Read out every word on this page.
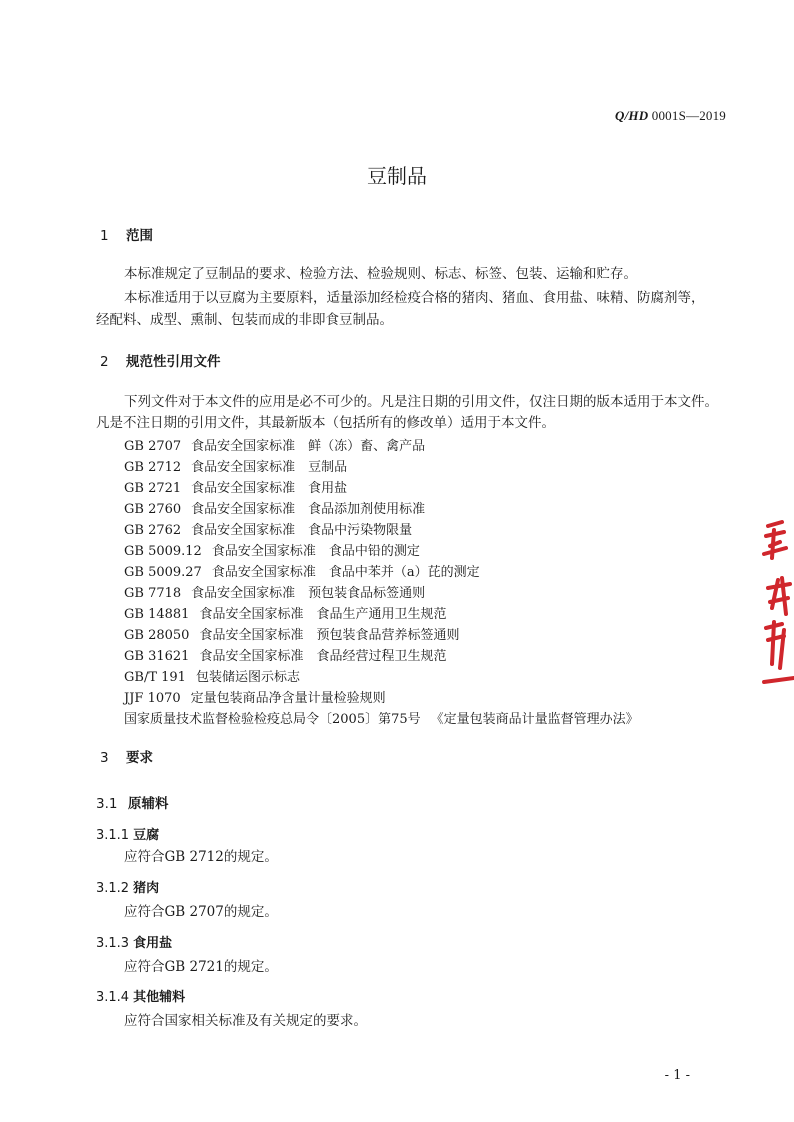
Q/HD 0001S—2019
豆制品
1 范围
本标准规定了豆制品的要求、检验方法、检验规则、标志、标签、包装、运输和贮存。
本标准适用于以豆腐为主要原料，适量添加经检疫合格的猪肉、猪血、食用盐、味精、防腐剂等，
经配料、成型、熏制、包装而成的非即食豆制品。
2 规范性引用文件
下列文件对于本文件的应用是必不可少的。凡是注日期的引用文件，仅注日期的版本适用于本文件。
凡是不注日期的引用文件，其最新版本（包括所有的修改单）适用于本文件。
GB 2707 食品安全国家标准　鲜（冻）畜、禽产品
GB 2712 食品安全国家标准　豆制品
GB 2721 食品安全国家标准　食用盐
GB 2760 食品安全国家标准　食品添加剂使用标准
GB 2762 食品安全国家标准　食品中污染物限量
GB 5009.12 食品安全国家标准　食品中铅的测定
GB 5009.27 食品安全国家标准　食品中苯并（a）芘的测定
GB 7718 食品安全国家标准　预包装食品标签通则
GB 14881 食品安全国家标准　食品生产通用卫生规范
GB 28050 食品安全国家标准　预包装食品营养标签通则
GB 31621 食品安全国家标准　食品经营过程卫生规范
GB/T 191 包装储运图示标志
JJF 1070 定量包装商品净含量计量检验规则
国家质量技术监督检验检疫总局令〔2005〕第75号 《定量包装商品计量监督管理办法》
3 要求
3.1 原辅料
3.1.1 豆腐
应符合GB 2712的规定。
3.1.2 猪肉
应符合GB 2707的规定。
3.1.3 食用盐
应符合GB 2721的规定。
3.1.4 其他辅料
应符合国家相关标准及有关规定的要求。
- 1 -
